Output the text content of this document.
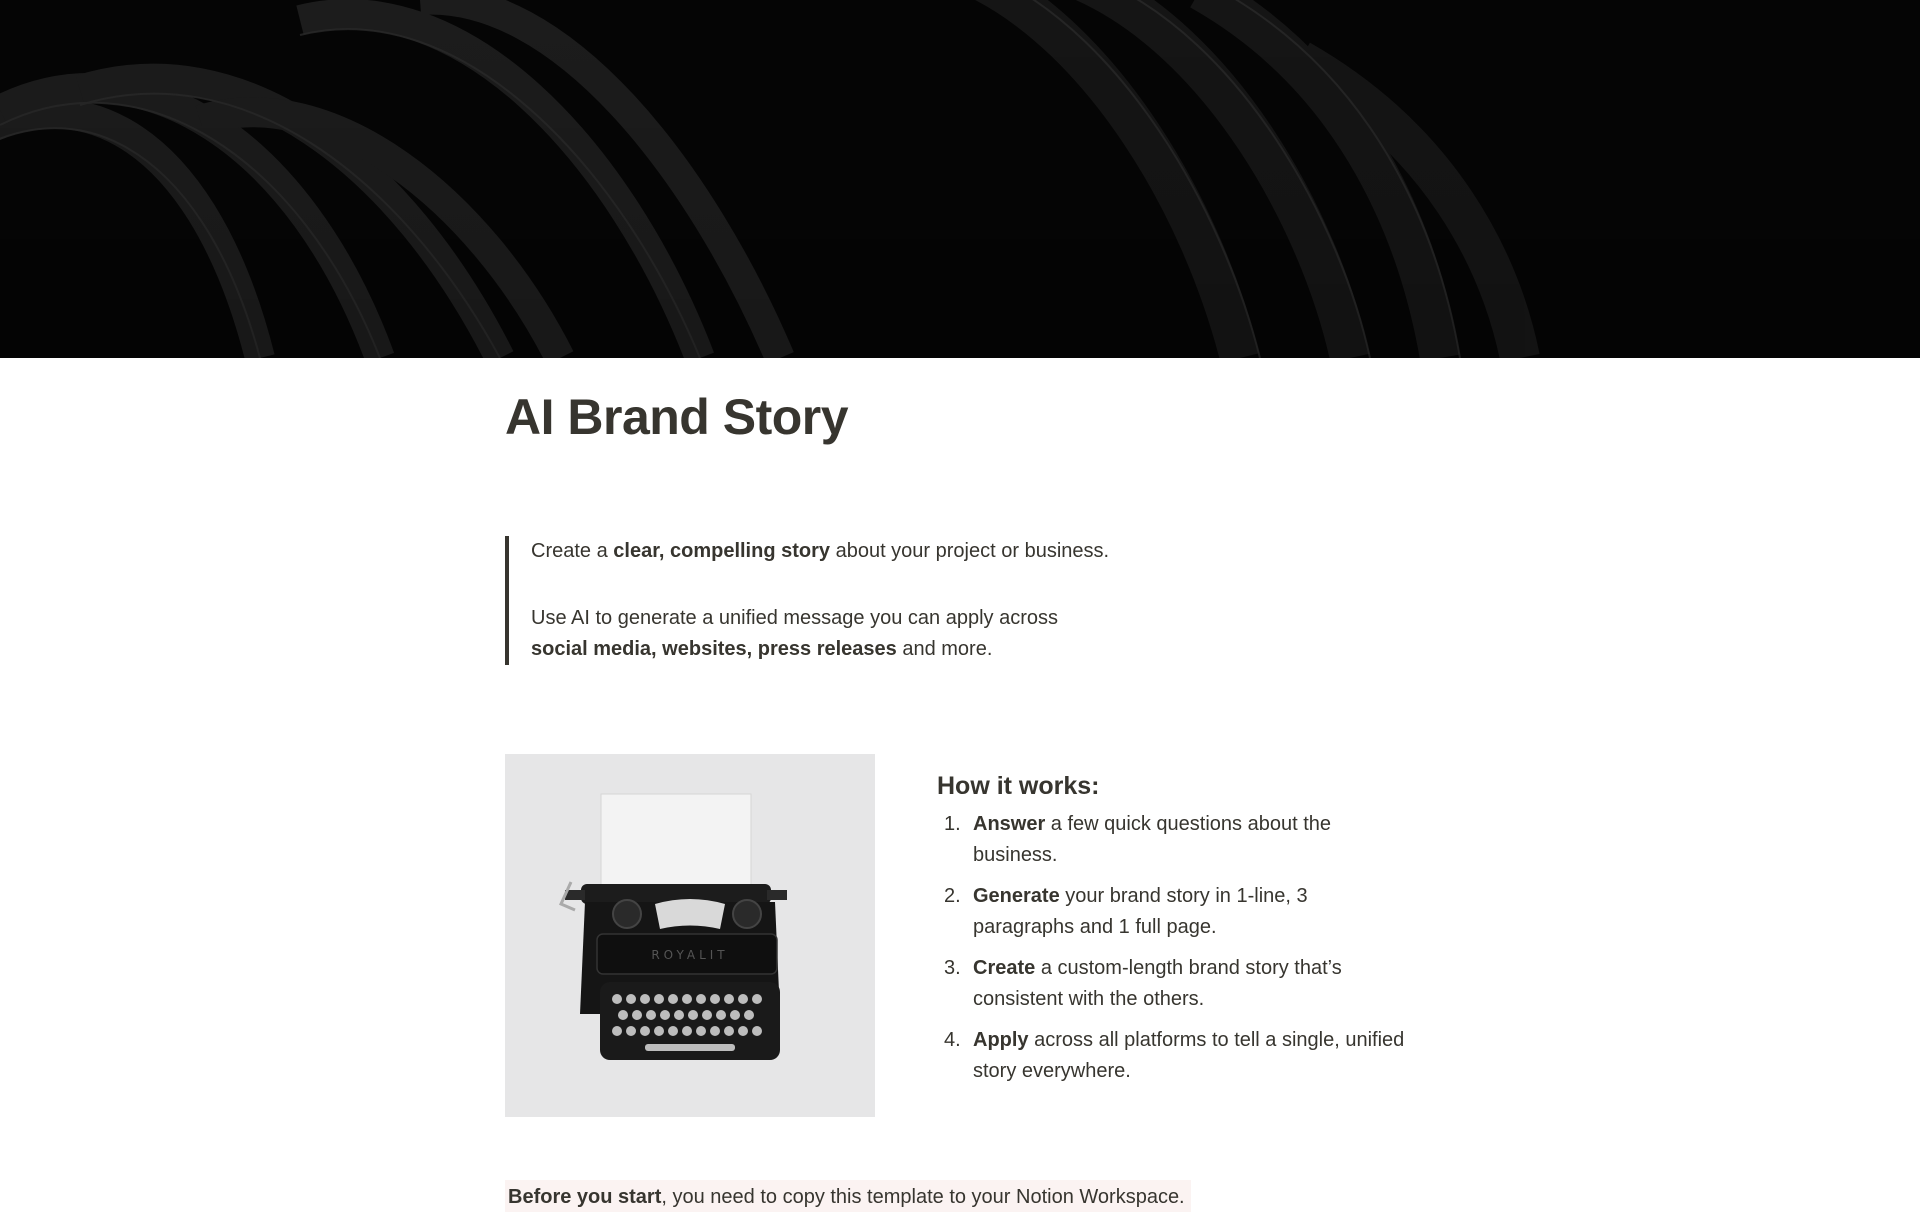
AI Brand Story

Create a clear, compelling story about your project or business.

Use AI to generate a unified message you can apply across
social media, websites, press releases and more.

ROYALIT
How it works:
1. Answer a few quick questions about the business.
2. Generate your brand story in 1-line, 3 paragraphs and 1 full page.
3. Create a custom-length brand story that’s consistent with the others.
4. Apply across all platforms to tell a single, unified story everywhere.
Before you start, you need to copy this template to your Notion Workspace.
